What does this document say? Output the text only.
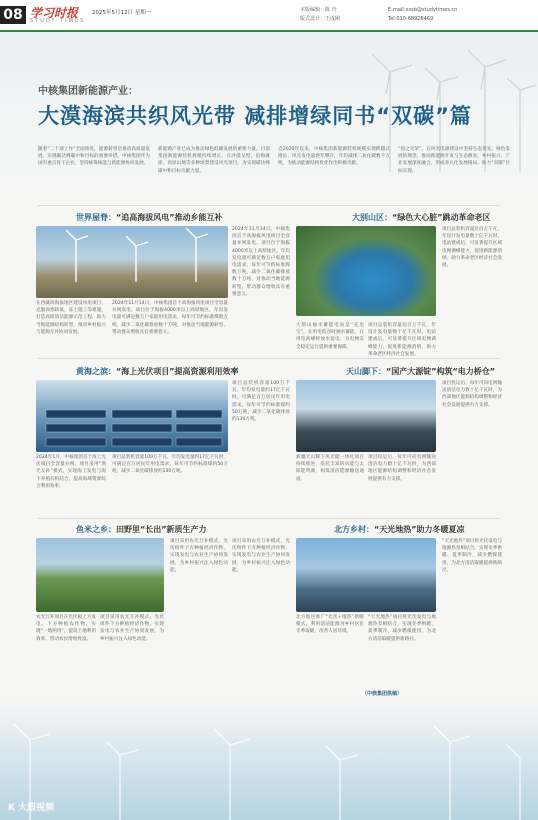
08 学习时报
STUDY TIMES
2025年5月12日 星期一	本版编辑：陈 玲
版式设计：王成刚
E-mail:xxsb@studytimes.cn
Tel:010-68928469
中核集团新能源产业：
大漠海滨共织风光带 减排增绿同书“双碳”篇
随着“二十项工作”全面推进，能源转型是推动高质量发展、实现碳达峰碳中和目标的重要举措。中核集团作为国有重点骨干企业，坚持统筹核能与新能源协同发展。
新能源产业已成为推动绿色低碳发展的重要力量。目前集团新能源装机规模持续增长，在沙漠戈壁、沿海滩涂、高原山地等多种场景建设风光项目，为实现碳达峰碳中和目标贡献力量。
自2020年以来，中核集团新能源装机规模实现跨越式增长，风光发电量逐年攀升，年均减排二氧化碳数千万吨，为推动能源结构优化作出积极贡献。
“国之光荣”，在风光电源建设中坚持生态优先、绿色发展的理念，推动新能源开发与生态修复、乡村振兴、产业发展深度融合，形成多元化发展格局，助力“双碳”目标实现。
世界屋脊：“追高海拔风电”推动乡能互补
在西藏高海拔地区建设风电项目，克服高寒缺氧、冻土施工等难题，打造高原清洁能源示范工程，助力当地能源结构转型，推动乡村振兴与能源互补协同发展。
2024年11月14日，中核集团首个高海拔风电项目全容量并网发电。项目位于海拔4000米以上高原地区，年均发电量可满足数万户家庭用电需求，每年可节约标准煤数万吨，减少二氧化碳排放数十万吨，对推动当地能源转型、带动群众增收具有重要意义。
2024年11月14日，中核集团首个高海拔风电项目全容量并网发电。项目位于海拔4000米以上高原地区，年均发电量可满足数万户家庭用电需求，每年可节约标准煤数万吨，减少二氧化碳排放数十万吨，对推动当地能源转型、带动群众增收具有重要意义。
大别山区：“绿色大心脏”跳动革命老区
大别山抽水蓄能电站是“充电宝”，在用电低谷时抽水蓄能，在用电高峰时放水发电，为电网安全稳定运行提供重要保障。
项目总装机容量达百万千瓦，年设计发电量数十亿千瓦时。电站建成后，可显著提升区域电网调峰能力，促进新能源消纳，助力革命老区经济社会发展。
项目总装机容量达百万千瓦，年设计发电量数十亿千瓦时。电站建成后，可显著提升区域电网调峰能力，促进新能源消纳，助力革命老区经济社会发展。
黄海之滨：“海上光伏项目”提高资源利用效率
2024年1月，中核集团首个海上光伏项目全容量并网。项目采用“渔光互补”模式，实现海上发电与海下养殖有机结合，提高海域资源综合利用效率。
项目总装机容量100万千瓦，年均发电量约17亿千瓦时，可满足百万居民年用电需求，每年可节约标准煤约50万吨，减少二氧化碳排放约130万吨。
项目总装机容量100万千瓦，年均发电量约17亿千瓦时，可满足百万居民年用电需求，每年可节约标准煤约50万吨，减少二氧化碳排放约130万吨。
天山脚下：“国产大源锭”构筑“电力桥仓”
新疆天山脚下风光储一体化项目持续推进，依托丰富的风能与太阳能资源，构筑清洁能源输送通道。
项目投运后，每年可向电网输送清洁电力数十亿千瓦时，为西部地区能源结构调整和经济社会发展提供有力支撑。
项目投运后，每年可向电网输送清洁电力数十亿千瓦时，为西部地区能源结构调整和经济社会发展提供有力支撑。
鱼米之乡：田野里“长出”新质生产力
农光互补项目在光伏板上方发电、下方种植农作物，实现“一地两用”，提高土地利用效率，带动农民增收致富。
项目采用农光互补模式，光伏组件下方种植经济作物，实现发电与农业生产协同发展，为乡村振兴注入绿色动能。
项目采用农光互补模式，光伏组件下方种植经济作物，实现发电与农业生产协同发展，为乡村振兴注入绿色动能。
项目采用农光互补模式，光伏组件下方种植经济作物，实现发电与农业生产协同发展，为乡村振兴注入绿色动能。
北方乡村：“天光地热”助力冬暖夏凉
北方地区推广“光伏+地热”供暖模式，利用清洁能源为乡村居民冬季取暖，改善人居环境。
“天光地热”项目将光伏发电与地源热泵相结合，实现冬季供暖、夏季制冷，减少燃煤使用，为北方清洁取暖提供新路径。
“天光地热”项目将光伏发电与地源热泵相结合，实现冬季供暖、夏季制冷，减少燃煤使用，为北方清洁取暖提供新路径。
（中核集团供稿）
K 大殿视频
